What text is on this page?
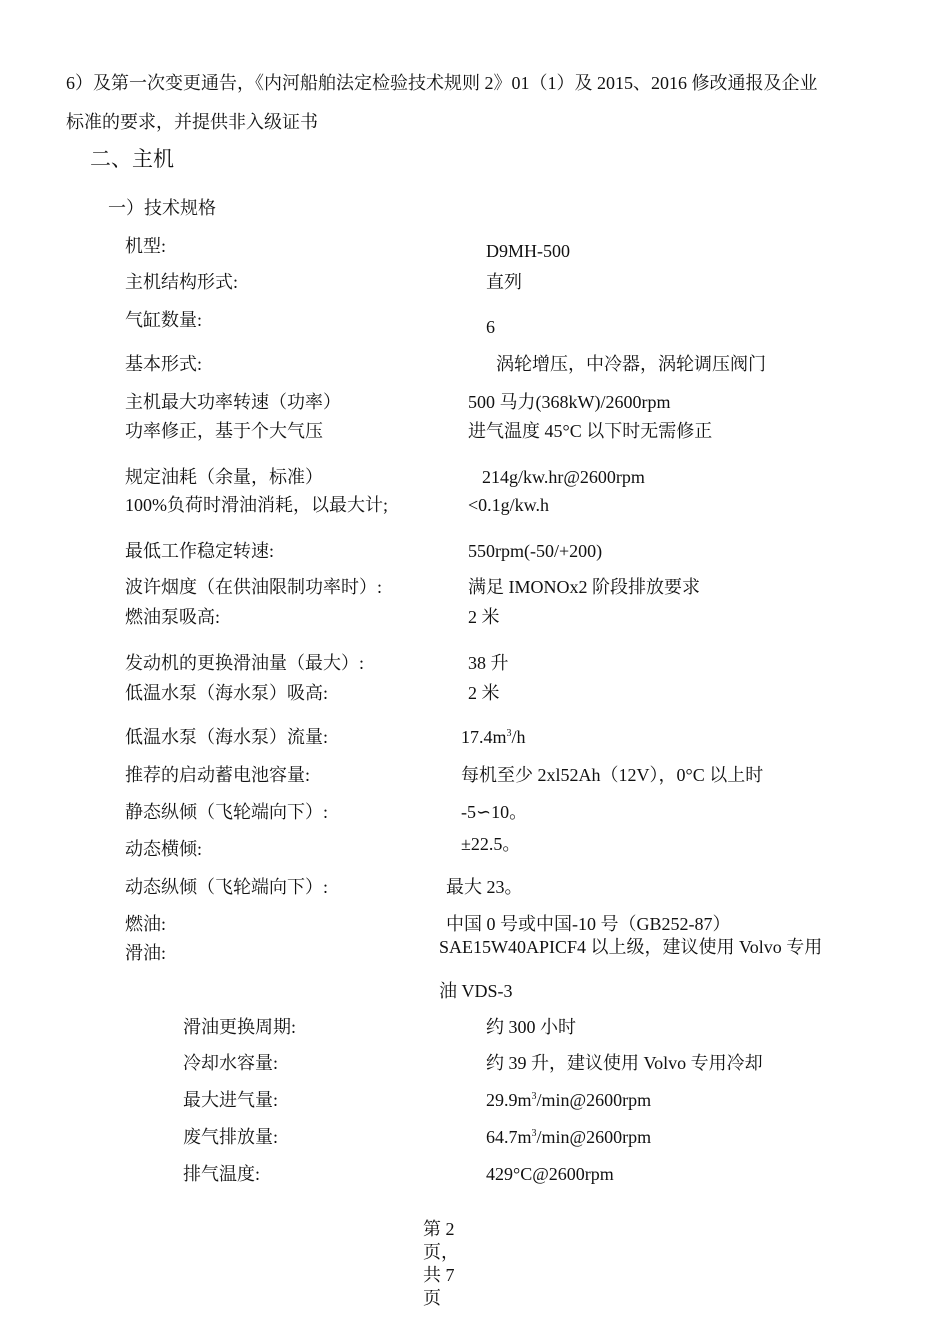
6）及第一次变更通告，《内河船舶法定检验技术规则 2》01（1）及 2015、2016 修改通报及企业
标准的要求，并提供非入级证书
二、主机
一）技术规格
机型:	D9MH-500
主机结构形式:	直列
气缸数量:	6
基本形式:	涡轮增压，中冷器，涡轮调压阀门
主机最大功率转速（功率）	500 马力(368kW)/2600rpm
功率修正，基于个大气压	进气温度 45°C 以下时无需修正
规定油耗（余量，标准）	214g/kw.hr@2600rpm
100%负荷时滑油消耗，以最大计;	<0.1g/kw.h
最低工作稳定转速:	550rpm(-50/+200)
波许烟度（在供油限制功率时）:	满足 IMONOx2 阶段排放要求
燃油泵吸高:	2 米
发动机的更换滑油量（最大）:	38 升
低温水泵（海水泵）吸高:	2 米
低温水泵（海水泵）流量:	$17.4m^3/h$
推荐的启动蓄电池容量:	每机至少 2xl52Ah（12V），0°C 以上时
静态纵倾（飞轮端向下）:	-5∽10。
动态横倾:	±22.5。
动态纵倾（飞轮端向下）:	最大 23。
燃油:	中国 0 号或中国-10 号（GB252-87）
滑油:	SAE15W40APICF4 以上级，建议使用 Volvo 专用
油 VDS-3
滑油更换周期:	约 300 小时
冷却水容量:	约 39 升，建议使用 Volvo 专用冷却
最大进气量:	$29.9m^3/\min@2600rpm$
废气排放量:	$64.7m^3/\min@2600rpm$
排气温度:	429°C@2600rpm
第 2 页，共 7 页
